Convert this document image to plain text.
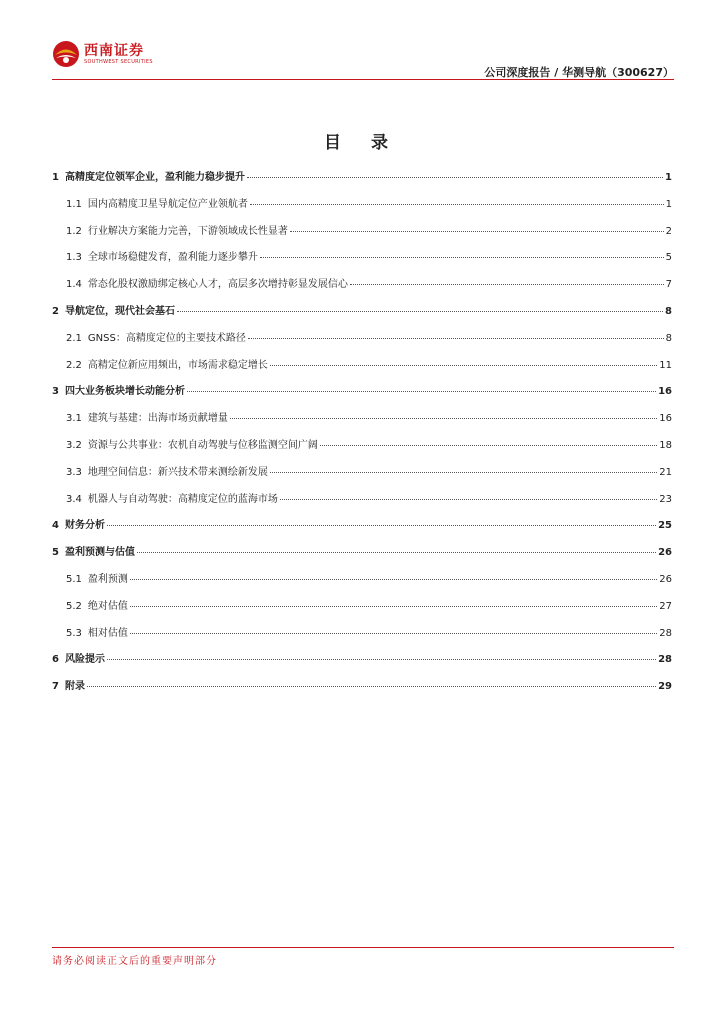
西南证券
SOUTHWEST SECURITIES
公司深度报告 / 华测导航（300627）
目 录
1 高精度定位领军企业，盈利能力稳步提升	1
1.1 国内高精度卫星导航定位产业领航者	1
1.2 行业解决方案能力完善，下游领域成长性显著	2
1.3 全球市场稳健发育，盈利能力逐步攀升	5
1.4 常态化股权激励绑定核心人才，高层多次增持彰显发展信心	7
2 导航定位，现代社会基石	8
2.1 GNSS：高精度定位的主要技术路径	8
2.2 高精定位新应用频出，市场需求稳定增长	11
3 四大业务板块增长动能分析	16
3.1 建筑与基建：出海市场贡献增量	16
3.2 资源与公共事业：农机自动驾驶与位移监测空间广阔	18
3.3 地理空间信息：新兴技术带来测绘新发展	21
3.4 机器人与自动驾驶：高精度定位的蓝海市场	23
4 财务分析	25
5 盈利预测与估值	26
5.1 盈利预测	26
5.2 绝对估值	27
5.3 相对估值	28
6 风险提示	28
7 附录	29
请务必阅读正文后的重要声明部分
